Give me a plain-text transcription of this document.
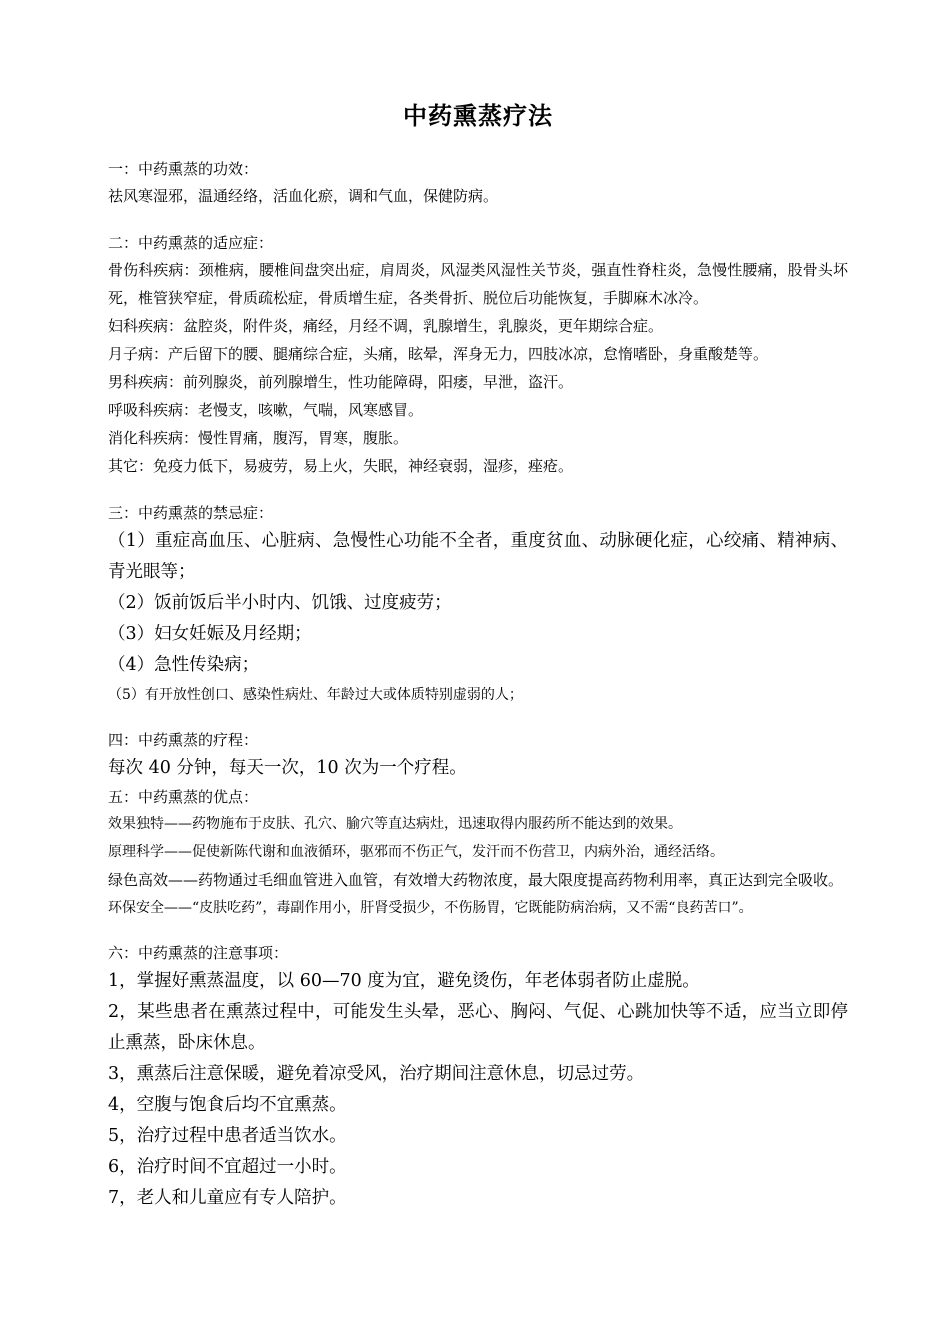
中药熏蒸疗法

一：中药熏蒸的功效：

祛风寒湿邪，温通经络，活血化瘀，调和气血，保健防病。

二：中药熏蒸的适应症：

骨伤科疾病：颈椎病，腰椎间盘突出症，肩周炎，风湿类风湿性关节炎，强直性脊柱炎，急慢性腰痛，股骨头坏死，椎管狭窄症，骨质疏松症，骨质增生症，各类骨折、脱位后功能恢复，手脚麻木冰冷。

妇科疾病：盆腔炎，附件炎，痛经，月经不调，乳腺增生，乳腺炎，更年期综合症。

月子病：产后留下的腰、腿痛综合症，头痛，眩晕，浑身无力，四肢冰凉，怠惰嗜卧，身重酸楚等。

男科疾病：前列腺炎，前列腺增生，性功能障碍，阳痿，早泄，盗汗。

呼吸科疾病：老慢支，咳嗽，气喘，风寒感冒。

消化科疾病：慢性胃痛，腹泻，胃寒，腹胀。

其它：免疫力低下，易疲劳，易上火，失眠，神经衰弱，湿疹，痤疮。

三：中药熏蒸的禁忌症：

（1）重症高血压、心脏病、急慢性心功能不全者，重度贫血、动脉硬化症，心绞痛、精神病、青光眼等；

（2）饭前饭后半小时内、饥饿、过度疲劳；

（3）妇女妊娠及月经期；

（4）急性传染病；

（5）有开放性创口、感染性病灶、年龄过大或体质特别虚弱的人；

四：中药熏蒸的疗程：

每次 40 分钟，每天一次，10 次为一个疗程。

五：中药熏蒸的优点：

效果独特——药物施布于皮肤、孔穴、腧穴等直达病灶，迅速取得内服药所不能达到的效果。

原理科学——促使新陈代谢和血液循环，驱邪而不伤正气，发汗而不伤营卫，内病外治，通经活络。

绿色高效——药物通过毛细血管进入血管，有效增大药物浓度，最大限度提高药物利用率，真正达到完全吸收。

环保安全——“皮肤吃药”，毒副作用小，肝肾受损少，不伤肠胃，它既能防病治病，又不需“良药苦口”。

六：中药熏蒸的注意事项：

1，掌握好熏蒸温度，以 60—70 度为宜，避免烫伤，年老体弱者防止虚脱。

2，某些患者在熏蒸过程中，可能发生头晕，恶心、胸闷、气促、心跳加快等不适，应当立即停止熏蒸，卧床休息。

3，熏蒸后注意保暖，避免着凉受风，治疗期间注意休息，切忌过劳。

4，空腹与饱食后均不宜熏蒸。

5，治疗过程中患者适当饮水。

6，治疗时间不宜超过一小时。

7，老人和儿童应有专人陪护。
